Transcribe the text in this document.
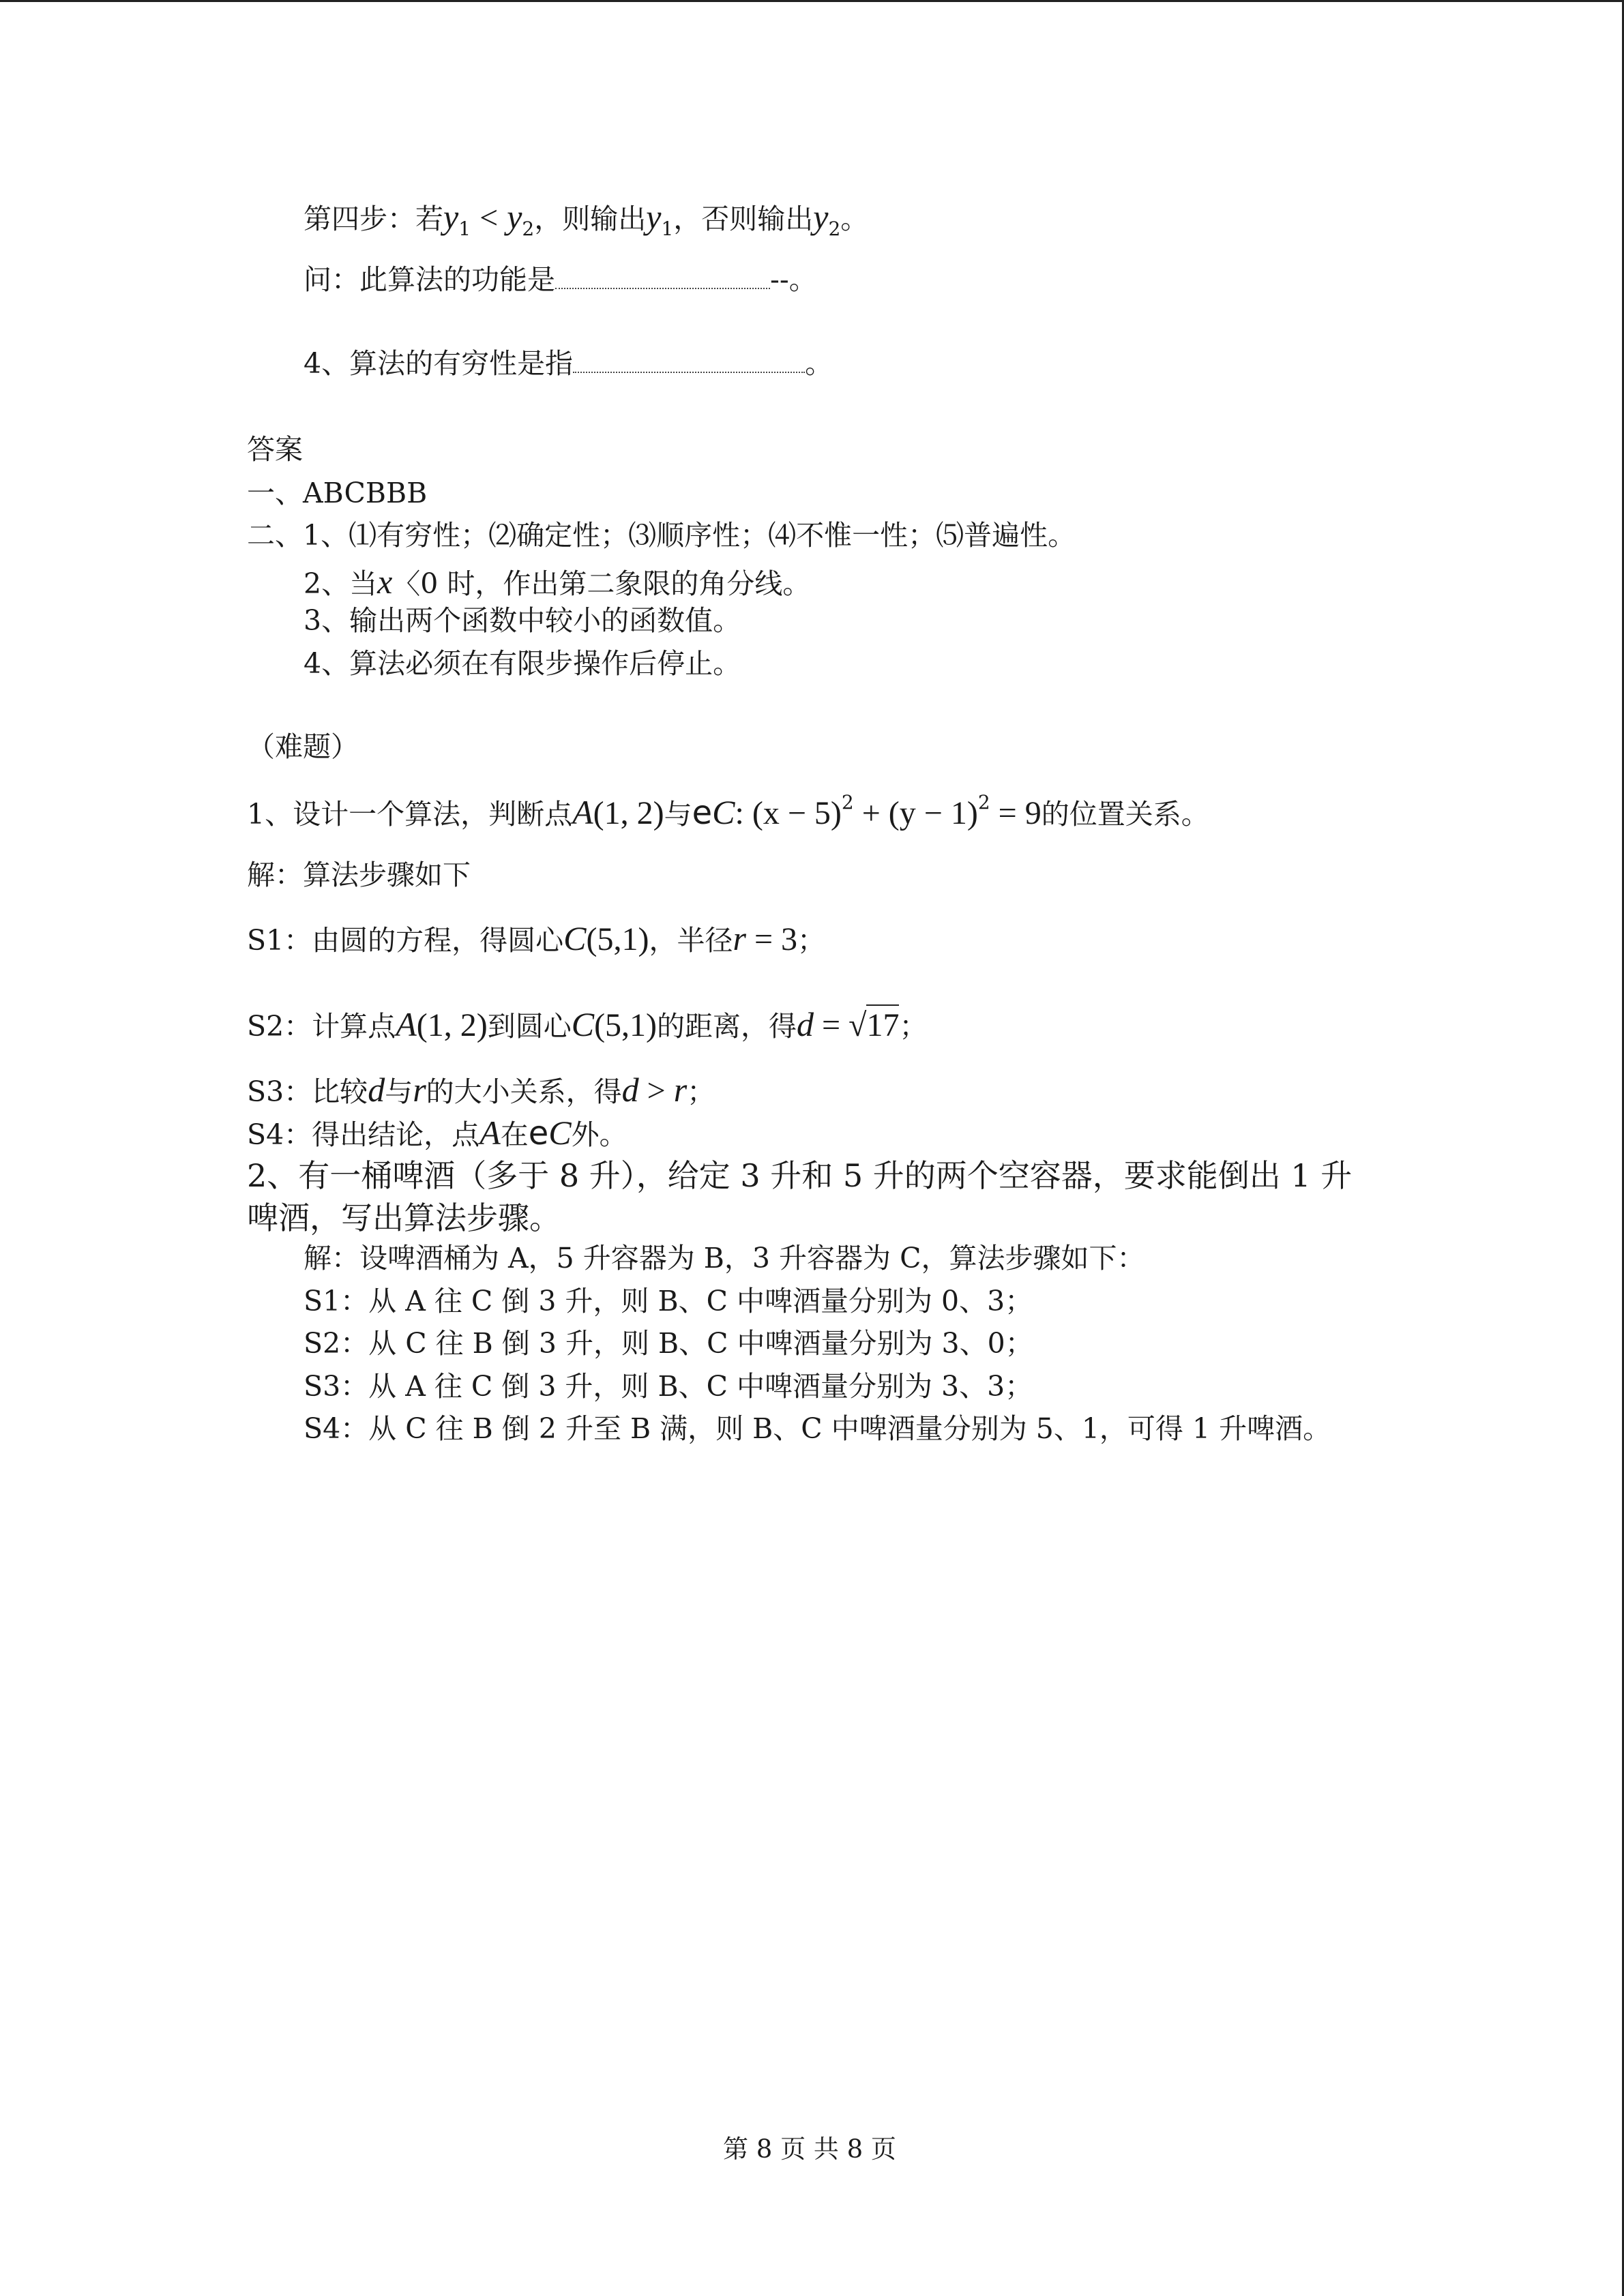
第四步：若$y_1 < y_2$，则输出$y_1$，否则输出$y_2$。
问：此算法的功能是	--。
4、算法的有穷性是指	。
答案
一、ABCBBB
二、1、⑴有穷性；⑵确定性；⑶顺序性；⑷不惟一性；⑸普遍性。
2、当x〈0 时，作出第二象限的角分线。
3、输出两个函数中较小的函数值。
4、算法必须在有限步操作后停止。
（难题）
1、设计一个算法，判断点A(1, 2)与eC: $(x - 5)^2 + (y - 1)^2 = 9$的位置关系。
解：算法步骤如下
S1：由圆的方程，得圆心C(5,1)，半径r = 3；
S2：计算点A(1, 2)到圆心C(5,1)的距离，得d = √17；
S3：比较d与r的大小关系，得d > r；
S4：得出结论，点A在eC外。
2、有一桶啤酒（多于 8 升），给定 3 升和 5 升的两个空容器，要求能倒出 1 升
啤酒，写出算法步骤。
解：设啤酒桶为 A，5 升容器为 B，3 升容器为 C，算法步骤如下：
S1：从 A 往 C 倒 3 升，则 B、C 中啤酒量分别为 0、3；
S2：从 C 往 B 倒 3 升，则 B、C 中啤酒量分别为 3、0；
S3：从 A 往 C 倒 3 升，则 B、C 中啤酒量分别为 3、3；
S4：从 C 往 B 倒 2 升至 B 满，则 B、C 中啤酒量分别为 5、1，可得 1 升啤酒。
第 8 页 共 8 页
